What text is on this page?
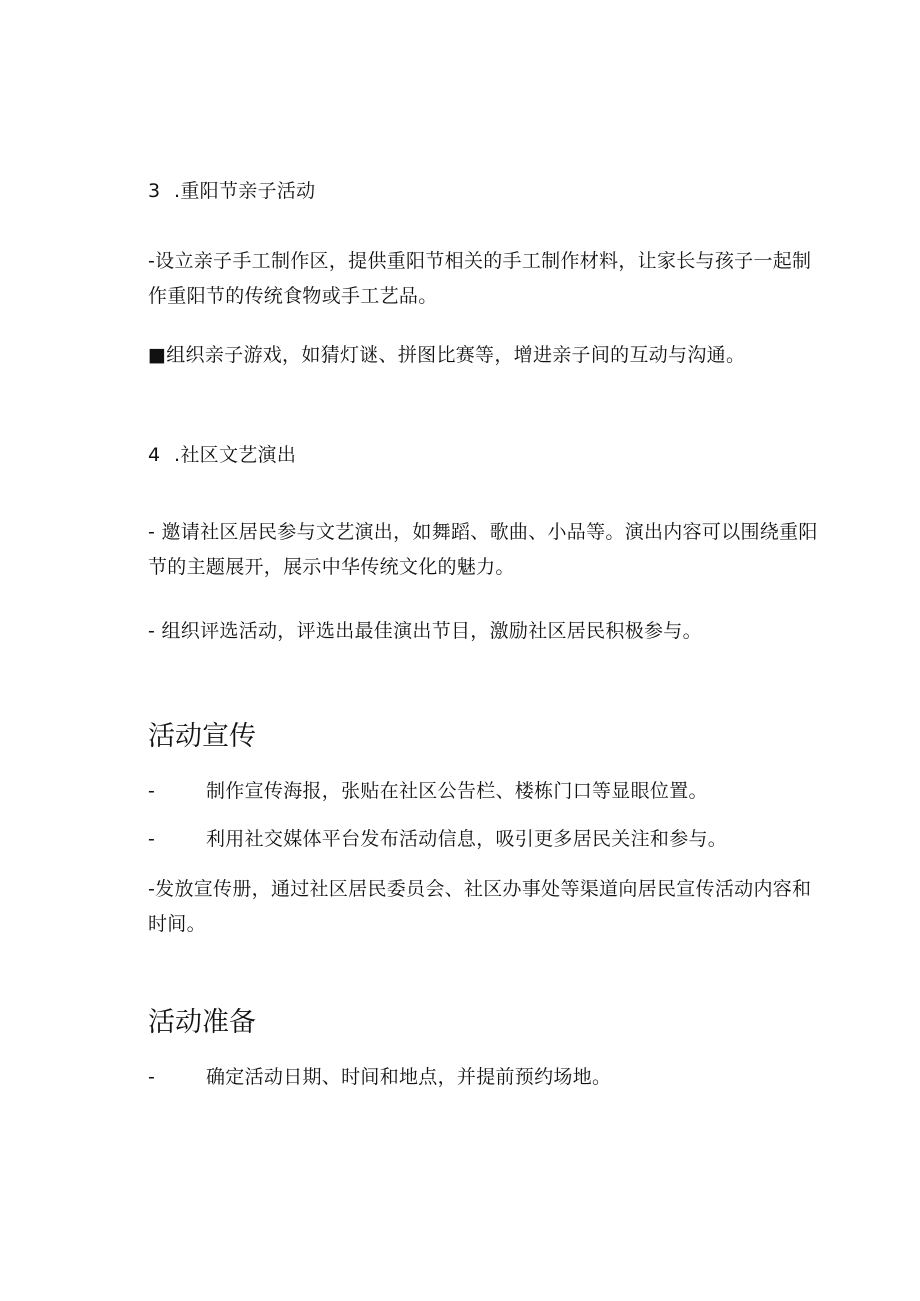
3 .重阳节亲子活动
-设立亲子手工制作区，提供重阳节相关的手工制作材料，让家长与孩子一起制作重阳节的传统食物或手工艺品。
■组织亲子游戏，如猜灯谜、拼图比赛等，增进亲子间的互动与沟通。
4 .社区文艺演出
- 邀请社区居民参与文艺演出，如舞蹈、歌曲、小品等。演出内容可以围绕重阳节的主题展开，展示中华传统文化的魅力。
- 组织评选活动，评选出最佳演出节目，激励社区居民积极参与。
活动宣传
-	制作宣传海报，张贴在社区公告栏、楼栋门口等显眼位置。
-	利用社交媒体平台发布活动信息，吸引更多居民关注和参与。
-发放宣传册，通过社区居民委员会、社区办事处等渠道向居民宣传活动内容和时间。
活动准备
-	确定活动日期、时间和地点，并提前预约场地。
